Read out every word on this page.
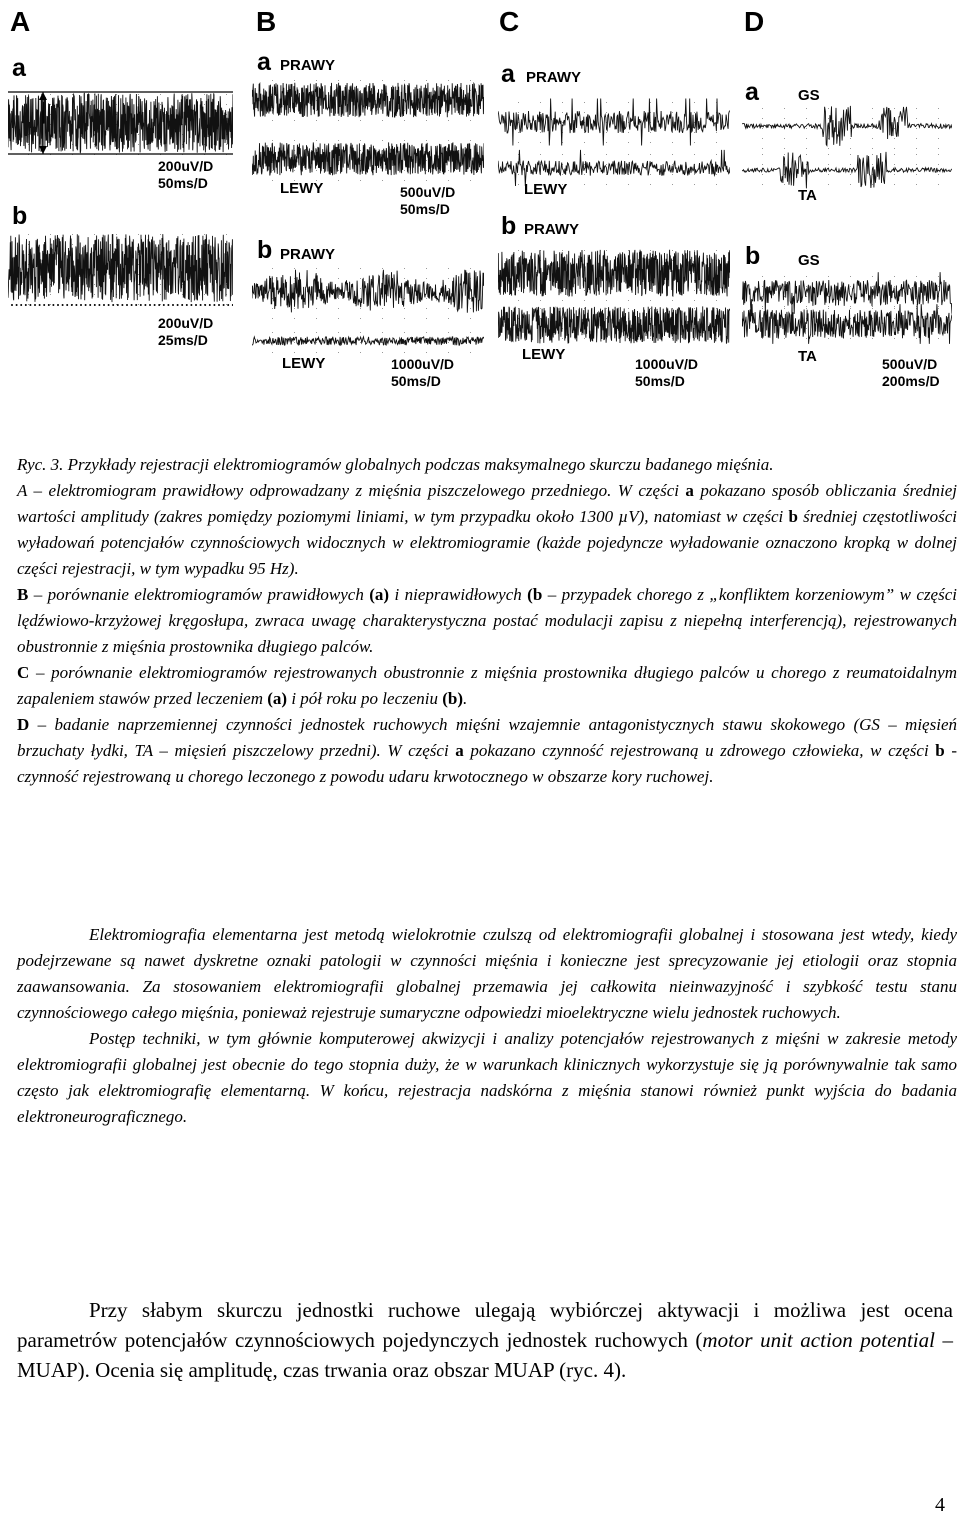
A
a
200uV/D
50ms/D
b
200uV/D
25ms/D
B
a PRAWY
LEWY	500uV/D
50ms/D
b PRAWY
LEWY	1000uV/D
50ms/D
C
a PRAWY
LEWY
b PRAWY
LEWY
1000uV/D
50ms/D
D
a	GS
TA
b	GS
TA	500uV/D
200ms/D

Ryc. 3. Przykłady rejestracji elektromiogramów globalnych podczas maksymalnego skurczu badanego mięśnia.

A – elektromiogram prawidłowy odprowadzany z mięśnia piszczelowego przedniego. W części a pokazano sposób obliczania średniej wartości amplitudy (zakres pomiędzy poziomymi liniami, w tym przypadku około 1300 µV), natomiast w części b średniej częstotliwości wyładowań potencjałów czynnościowych widocznych w elektromiogramie (każde pojedyncze wyładowanie oznaczono kropką w dolnej części rejestracji, w tym wypadku 95 Hz).

B – porównanie elektromiogramów prawidłowych (a) i nieprawidłowych (b – przypadek chorego z „konfliktem korzeniowym” w części lędźwiowo-krzyżowej kręgosłupa, zwraca uwagę charakterystyczna postać modulacji zapisu z niepełną interferencją), rejestrowanych obustronnie z mięśnia prostownika długiego palców.

C – porównanie elektromiogramów rejestrowanych obustronnie z mięśnia prostownika długiego palców u chorego z reumatoidalnym zapaleniem stawów przed leczeniem (a) i pół roku po leczeniu (b).

D – badanie naprzemiennej czynności jednostek ruchowych mięśni wzajemnie antagonistycznych stawu skokowego (GS – mięsień brzuchaty łydki, TA – mięsień piszczelowy przedni). W części a pokazano czynność rejestrowaną u zdrowego człowieka, w części b - czynność rejestrowaną u chorego leczonego z powodu udaru krwotocznego w obszarze kory ruchowej.

Elektromiografia elementarna jest metodą wielokrotnie czulszą od elektromiografii globalnej i stosowana jest wtedy, kiedy podejrzewane są nawet dyskretne oznaki patologii w czynności mięśnia i konieczne jest sprecyzowanie jej etiologii oraz stopnia zaawansowania. Za stosowaniem elektromiografii globalnej przemawia jej całkowita nieinwazyjność i szybkość testu stanu czynnościowego całego mięśnia, ponieważ rejestruje sumaryczne odpowiedzi mioelektryczne wielu jednostek ruchowych.

Postęp techniki, w tym głównie komputerowej akwizycji i analizy potencjałów rejestrowanych z mięśni w zakresie metody elektromiografii globalnej jest obecnie do tego stopnia duży, że w warunkach klinicznych wykorzystuje się ją porównywalnie tak samo często jak elektromiografię elementarną. W końcu, rejestracja nadskórna z mięśnia stanowi również punkt wyjścia do badania elektroneurograficznego.

Przy słabym skurczu jednostki ruchowe ulegają wybiórczej aktywacji i możliwa jest ocena parametrów potencjałów czynnościowych pojedynczych jednostek ruchowych (motor unit action potential – MUAP). Ocenia się amplitudę, czas trwania oraz obszar MUAP (ryc. 4).

4
